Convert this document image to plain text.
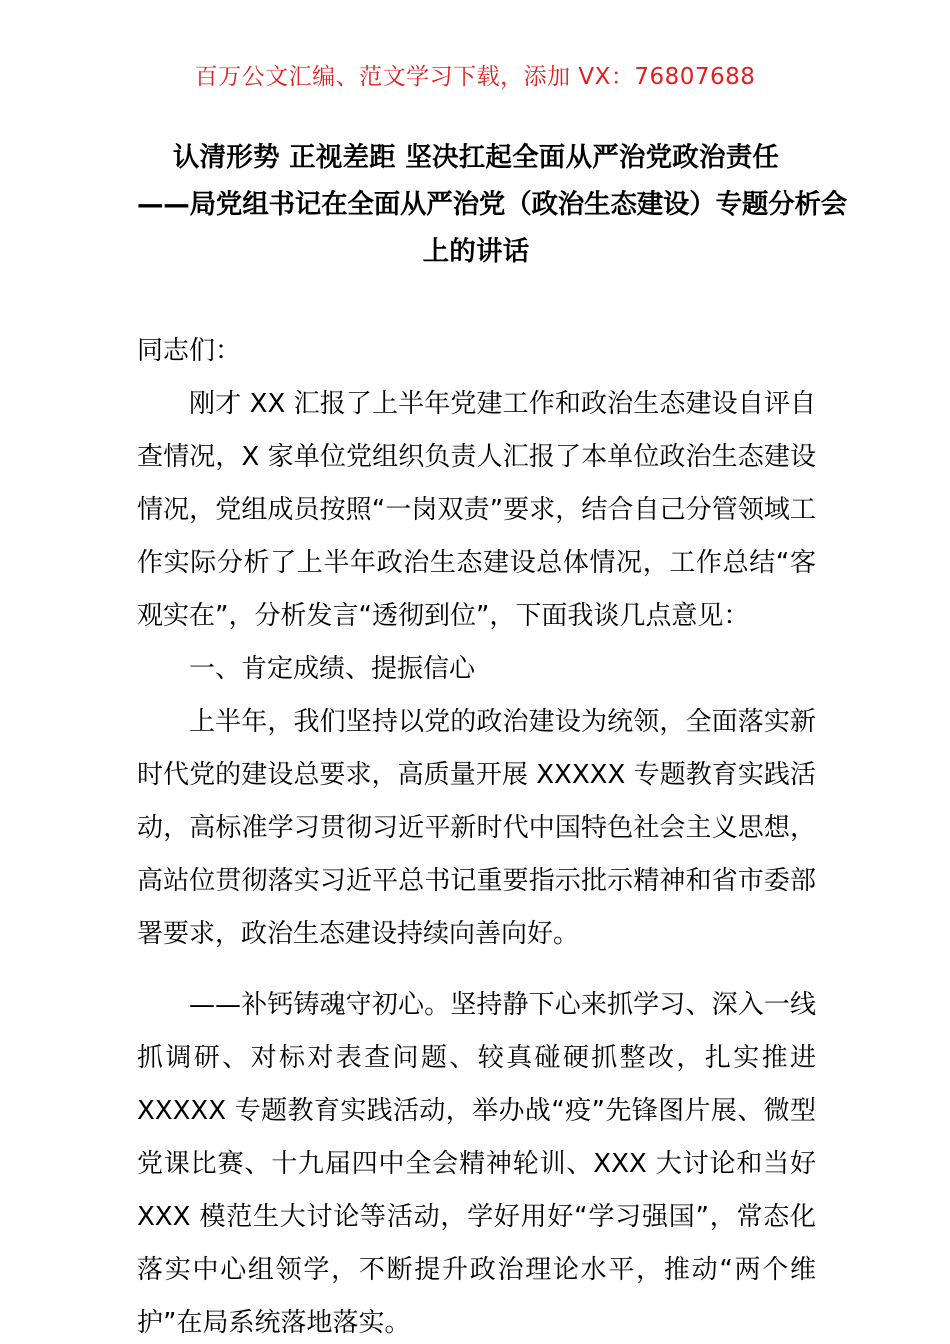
百万公文汇编、范文学习下载，添加 VX：76807688
认清形势 正视差距 坚决扛起全面从严治党政治责任
——局党组书记在全面从严治党（政治生态建设）专题分析会
上的讲话

同志们：

刚才 XX 汇报了上半年党建工作和政治生态建设自评自查情况，X 家单位党组织负责人汇报了本单位政治生态建设情况，党组成员按照“一岗双责”要求，结合自己分管领域工作实际分析了上半年政治生态建设总体情况，工作总结“客观实在”，分析发言“透彻到位”，下面我谈几点意见：

一、肯定成绩、提振信心

上半年，我们坚持以党的政治建设为统领，全面落实新时代党的建设总要求，高质量开展 XXXXX 专题教育实践活动，高标准学习贯彻习近平新时代中国特色社会主义思想，高站位贯彻落实习近平总书记重要指示批示精神和省市委部署要求，政治生态建设持续向善向好。

——补钙铸魂守初心。坚持静下心来抓学习、深入一线抓调研、对标对表查问题、较真碰硬抓整改，扎实推进 XXXXX 专题教育实践活动，举办战“疫”先锋图片展、微型党课比赛、十九届四中全会精神轮训、XXX 大讨论和当好 XXX 模范生大讨论等活动，学好用好“学习强国”，常态化落实中心组领学，不断提升政治理论水平，推动“两个维护”在局系统落地落实。
